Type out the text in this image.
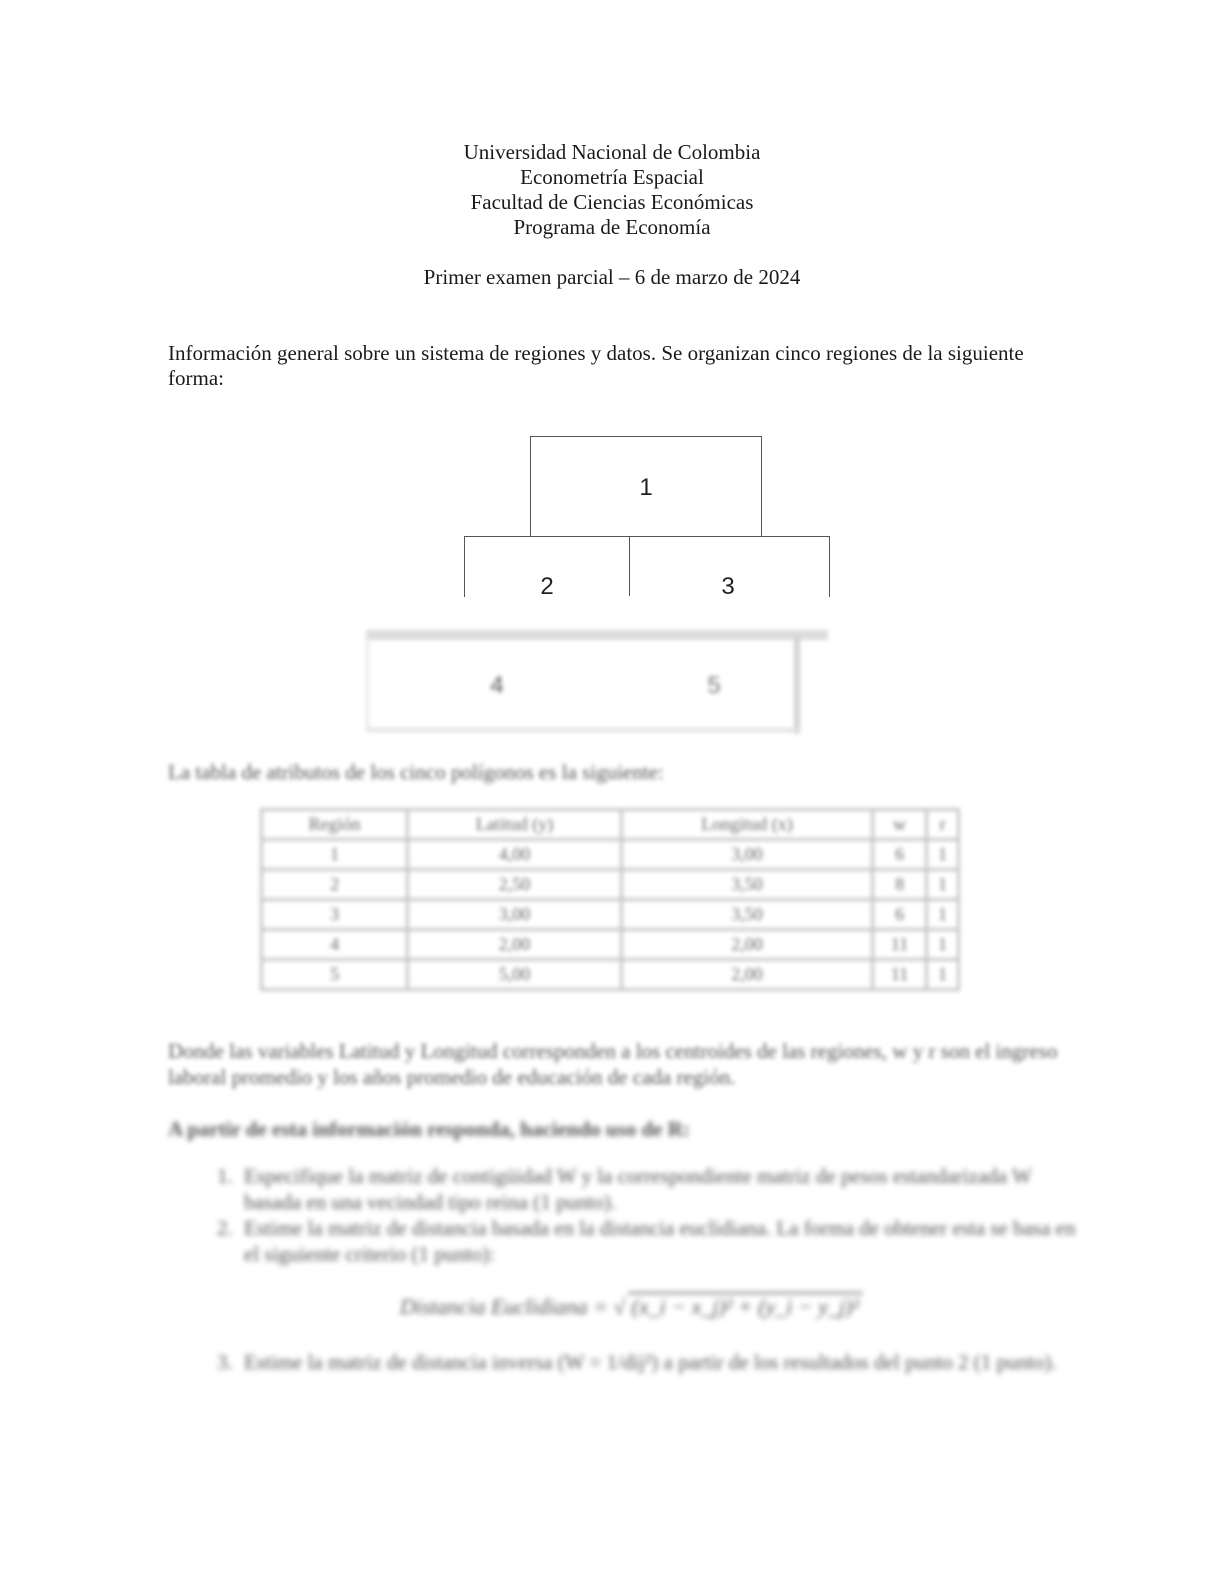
Universidad Nacional de Colombia
Econometría Espacial
Facultad de Ciencias Económicas
Programa de Economía
Primer examen parcial – 6 de marzo de 2024
Información general sobre un sistema de regiones y datos. Se organizan cinco regiones de la siguiente forma:
1
2	3
4	5
La tabla de atributos de los cinco polígonos es la siguiente:
Región	Latitud (y)	Longitud (x)	w	r
1	4,00	3,00	6	1
2	2,50	3,50	8	1
3	3,00	3,50	6	1
4	2,00	2,00	11	1
5	5,00	2,00	11	1
Donde las variables Latitud y Longitud corresponden a los centroides de las regiones, w y r son el ingreso laboral promedio y los años promedio de educación de cada región.
A partir de esta información responda, haciendo uso de R:
1. Especifique la matriz de contigüidad W y la correspondiente matriz de pesos estandarizada W basada en una vecindad tipo reina (1 punto).
2. Estime la matriz de distancia basada en la distancia euclidiana. La forma de obtener esta se basa en el siguiente criterio (1 punto):
Distancia Euclidiana = √ (x_i − x_j)² + (y_i − y_j)²
3. Estime la matriz de distancia inversa (W = 1/dij²) a partir de los resultados del punto 2 (1 punto).
